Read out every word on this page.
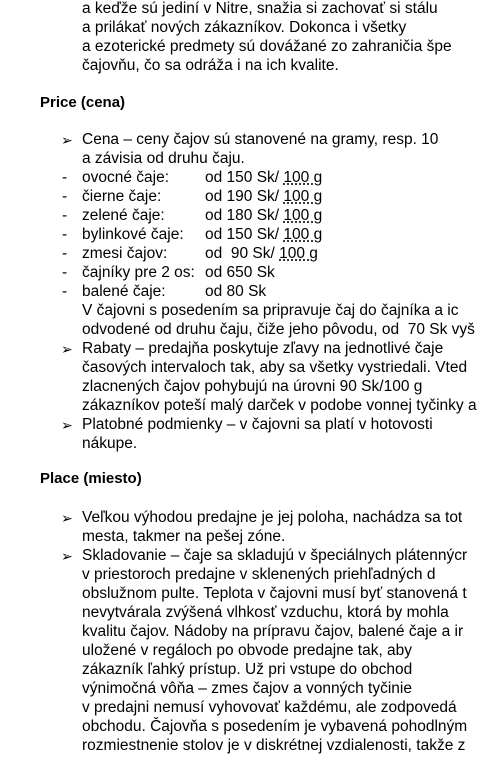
a keďže sú jediní v Nitre, snažia si zachovať si stálu
a prilákať nových zákazníkov. Dokonca i všetky
a ezoterické predmety sú dovážané zo zahraničia špe
čajovňu, čo sa odráža i na ich kvalite.
Price (cena)
➢ Cena – ceny čajov sú stanovené na gramy, resp. 10
a závisia od druhu čaju.
- ovocné čaje: od 150 Sk/ 100 g
- čierne čaje:	od 190 Sk/ 100 g
- zelené čaje:	od 180 Sk/ 100 g
- bylinkové čaje: od 150 Sk/ 100 g
- zmesi čajov: od  90 Sk/ 100 g
- čajníky pre 2 os: od 650 Sk
- balené čaje:	od 80 Sk
V čajovni s posedením sa pripravuje čaj do čajníka a ic
odvodené od druhu čaju, čiže jeho pôvodu, od  70 Sk vyš
➢ Rabaty – predajňa poskytuje zľavy na jednotlivé čaje
časových intervaloch tak, aby sa všetky vystriedali. Vted
zlacnených čajov pohybujú na úrovni 90 Sk/100 g
zákazníkov poteší malý darček v podobe vonnej tyčinky a
➢ Platobné podmienky – v čajovni sa platí v hotovosti
nákupe.
Place (miesto)
➢ Veľkou výhodou predajne je jej poloha, nachádza sa tot
mesta, takmer na pešej zóne.
➢ Skladovanie – čaje sa skladujú v špeciálnych plátennýcr
v priestoroch predajne v sklenených priehľadných d
obslužnom pulte. Teplota v čajovni musí byť stanovená t
nevytvárala zvýšená vlhkosť vzduchu, ktorá by mohla
kvalitu čajov. Nádoby na prípravu čajov, balené čaje a ir
uložené v regáloch po obvode predajne tak, aby
zákazník ľahký prístup. Už pri vstupe do obchod
výnimočná vôňa – zmes čajov a vonných tyčinie
v predajni nemusí vyhovovať každému, ale zodpovedá
obchodu. Čajovňa s posedením je vybavená pohodlným
rozmiestnenie stolov je v diskrétnej vzdialenosti, takže z
